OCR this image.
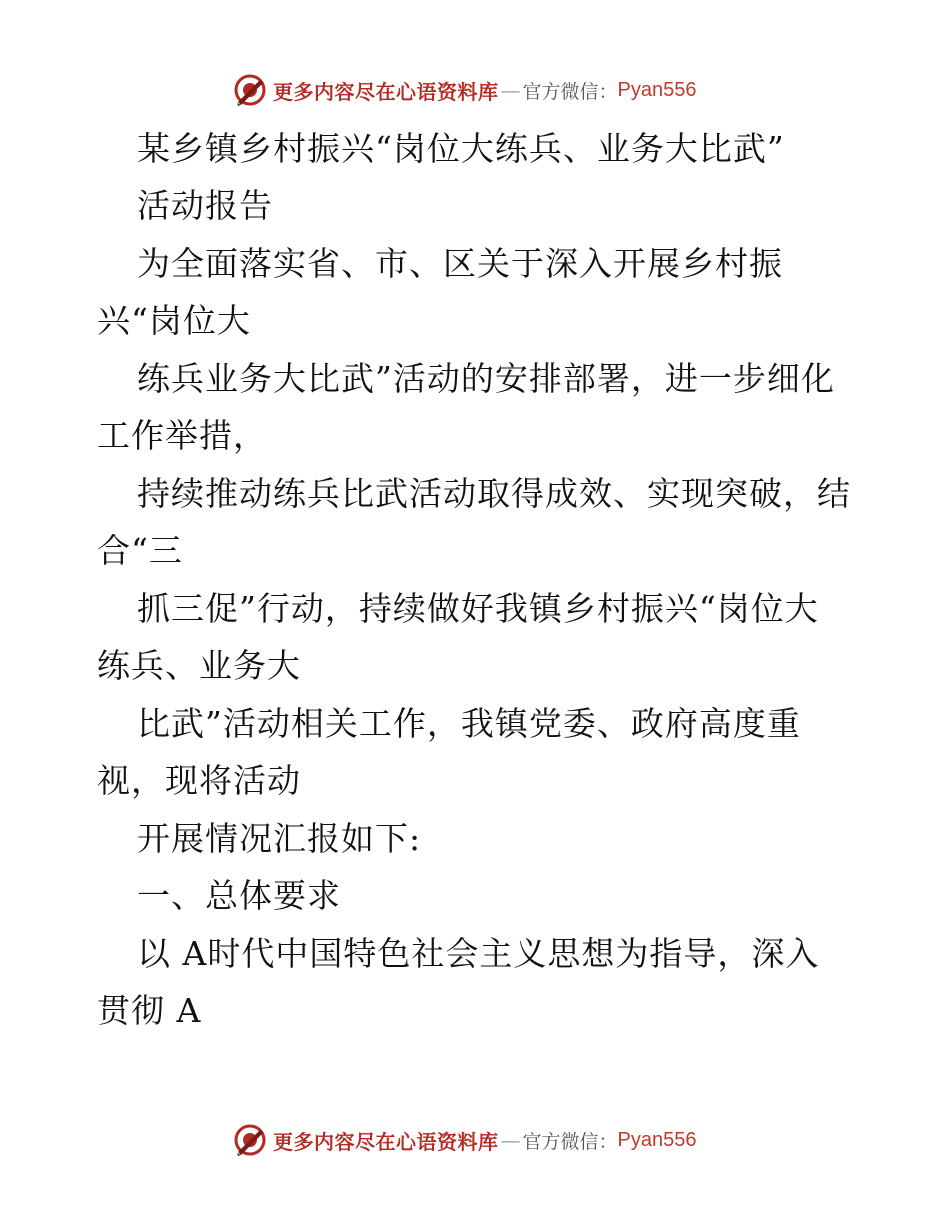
更多内容尽在心语资料库 — 官方微信： Pyan556
某乡镇乡村振兴“岗位大练兵、业务大比武”
活动报告
为全面落实省、市、区关于深入开展乡村振
兴“岗位大
练兵业务大比武”活动的安排部署，进一步细化
工作举措，
持续推动练兵比武活动取得成效、实现突破，结
合“三
抓三促”行动，持续做好我镇乡村振兴“岗位大
练兵、业务大
比武”活动相关工作，我镇党委、政府高度重
视，现将活动
开展情况汇报如下:
一、总体要求
以 A时代中国特色社会主义思想为指导，深入
贯彻 A
更多内容尽在心语资料库 — 官方微信： Pyan556
